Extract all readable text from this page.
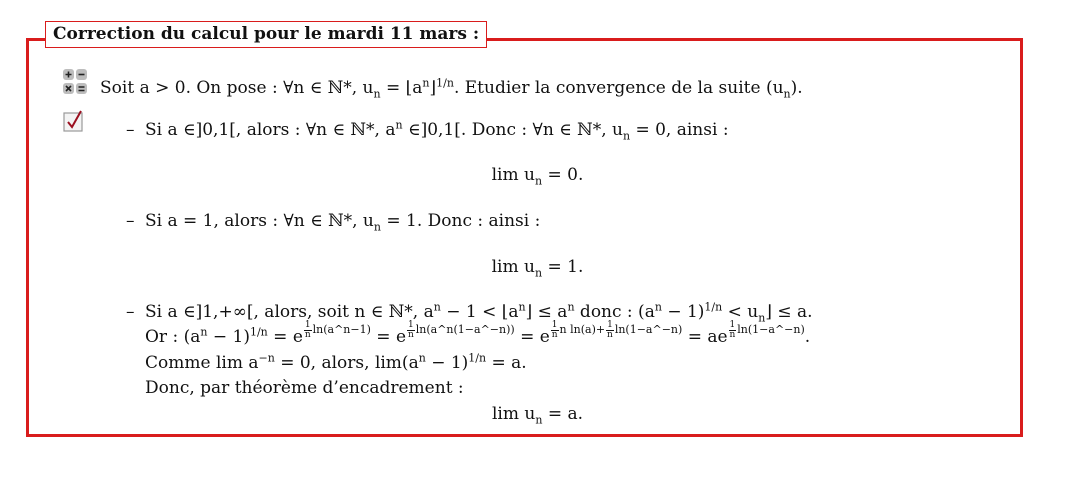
Correction du calcul pour le mardi 11 mars :
Soit a > 0. On pose : ∀n ∈ ℕ*, $u_n$ = $⌊a^n⌋^{1/n}$. Etudier la convergence de la suite $(u_n)$.
– Si a ∈]0,1[, alors : ∀n ∈ ℕ*, $a^n$ ∈]0,1[. Donc : ∀n ∈ ℕ*, $u_n = 0$, ainsi :
$\lim u_n = 0$.
– Si a = 1, alors : ∀n ∈ ℕ*, $u_n = 1$. Donc : ainsi :
$\lim u_n = 1$.
– Si a ∈]1,+∞[, alors, soit n ∈ ℕ*, $a^n - 1$ < $⌊a^n⌋ \le a^n$ donc : $(a^n - 1)^{1/n}$ < $u_n⌋ \le a$.
Or : $(a^n - 1)^{1/n} = e$ $^{\frac{1}{n} ln(a\^{}n-1)}$ = e $^{\frac{1}{n} ln(a\^{}n(1-a\^{}-n))}$ = e $^{\frac{1}{n} n ln(a)+ \frac{1}{n} ln(1-a\^{}-n)}$ = ae $^{\frac{1}{n} ln(1-a\^{}-n)}$.
Comme $\lim a^{-n} = 0$, alors, $\lim(a^n - 1)^{1/n} = a$.
Donc, par théorème d’encadrement :
$\lim u_n = a$.
